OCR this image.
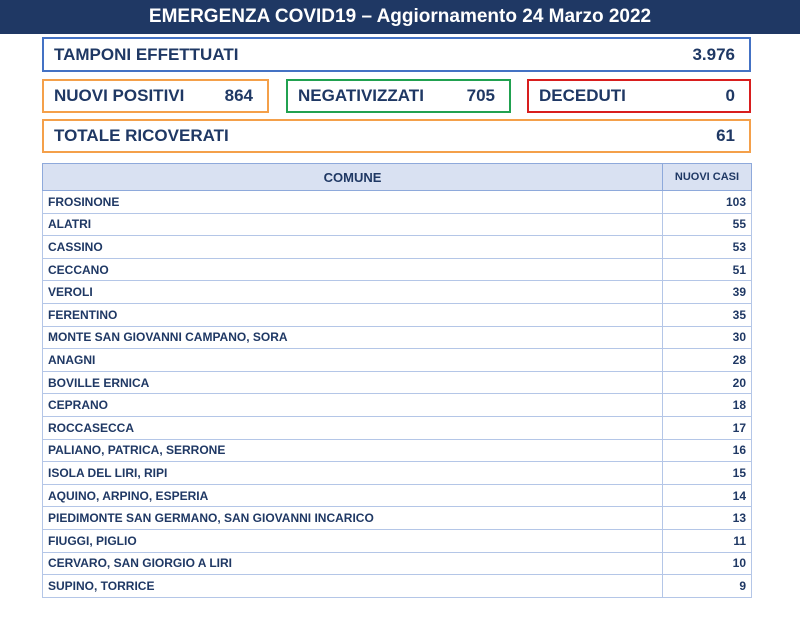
EMERGENZA COVID19 – Aggiornamento 24 Marzo 2022
TAMPONI EFFETTUATI	3.976
NUOVI POSITIVI 864	NEGATIVIZZATI	705	DECEDUTI	0
TOTALE RICOVERATI	61
COMUNE	NUOVI CASI
FROSINONE	103
ALATRI	55
CASSINO	53
CECCANO	51
VEROLI	39
FERENTINO	35
MONTE SAN GIOVANNI CAMPANO, SORA	30
ANAGNI	28
BOVILLE ERNICA	20
CEPRANO	18
ROCCASECCA	17
PALIANO, PATRICA, SERRONE	16
ISOLA DEL LIRI, RIPI	15
AQUINO, ARPINO, ESPERIA	14
PIEDIMONTE SAN GERMANO, SAN GIOVANNI INCARICO	13
FIUGGI, PIGLIO	11
CERVARO, SAN GIORGIO A LIRI	10
SUPINO, TORRICE	9
